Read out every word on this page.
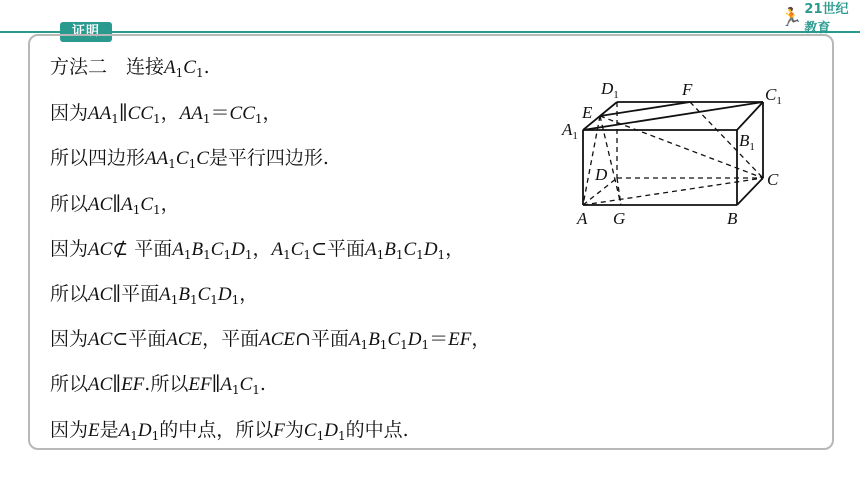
证明
🏃 21世纪教育
方法二　连接$A_1C_1$.
因为$AA_1\parallel CC_1$，$AA_1=CC_1$，
所以四边形$AA_1C_1C$是平行四边形.
所以$AC\parallel A_1C_1$，
因为AC⊄ 平面$A_1B_1C_1D_1$，$A_1C_1\subset$平面$A_1B_1C_1D_1$，
所以AC∥平面$A_1B_1C_1D_1$，
因为AC⊂平面ACE，平面ACE∩平面$A_1B_1C_1D_1=EF$，
所以AC∥EF.所以$EF\parallel A_1C_1$.
因为E是$A_1D_1$的中点，所以F为$C_1D_1$的中点.
$D_1$	F	$C_1$
E
$A_1$	$B_1$
D	C
A G	B
